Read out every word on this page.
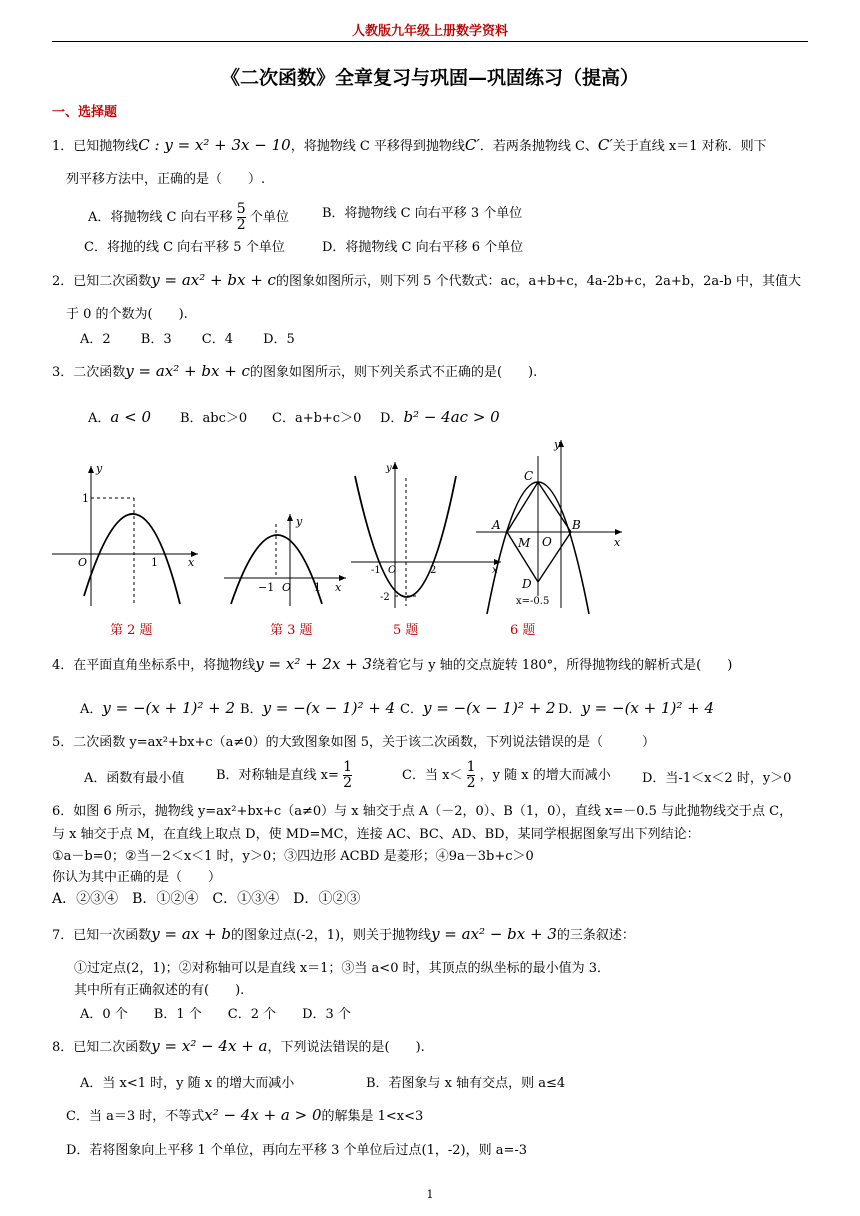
人教版九年级上册数学资料
《二次函数》全章复习与巩固—巩固练习（提高）
一、选择题
1．已知抛物线C : y = x² + 3x − 10，将抛物线 C 平移得到抛物线C′．若两条抛物线 C、C′关于直线 x＝1 对称．则下
列平移方法中，正确的是（　　）.
A．将抛物线 C 向右平移 $\frac{5}{2}$ 个单位	B．将抛物线 C 向右平移 3 个单位
C．将抛的线 C 向右平移 5 个单位	D．将抛物线 C 向右平移 6 个单位
2．已知二次函数y = ax² + bx + c的图象如图所示，则下列 5 个代数式：ac，a+b+c，4a-2b+c，2a+b，2a-b 中，其值大
于 0 的个数为(　　).
A．2　　 B．3　　 C．4　　 D．5
3．二次函数y = ax² + bx + c的图象如图所示，则下列关系式不正确的是(　　).
A．a < 0 B．abc＞0 C．a+b+c＞0 D．b² − 4ac > 0
y
1
O	1	x
y
−1 O 1 x
y
-1 O	2
-2
x
y
C
A	B
M O
D
x
x=-0.5
第 2 题	第 3 题	5 题	6 题
4．在平面直角坐标系中，将抛物线y = x² + 2x + 3绕着它与 y 轴的交点旋转 180°，所得抛物线的解析式是(　　)
A．y = −(x + 1)² + 2 B．y = −(x − 1)² + 4 C．y = −(x − 1)² + 2 D．y = −(x + 1)² + 4
5．二次函数 y=ax²+bx+c（a≠0）的大致图象如图 5，关于该二次函数，下列说法错误的是（　　　）
A．函数有最小值 B．对称轴是直线 $x= \frac{1}{2}$	C．当 $x< \frac{1}{2}$ ，y 随 x 的增大而减小 D．当-1＜x＜2 时，y＞0
6．如图 6 所示，抛物线 y=ax²+bx+c（a≠0）与 x 轴交于点 A（－2，0）、B（1，0），直线 x=－0.5 与此抛物线交于点 C，
与 x 轴交于点 M，在直线上取点 D，使 MD=MC，连接 AC、BC、AD、BD，某同学根据图象写出下列结论：
①a－b=0；②当－2＜x＜1 时，y＞0；③四边形 ACBD 是菱形；④9a－3b+c＞0
你认为其中正确的是（　　）
A．②③④　B．①②④　C．①③④　D．①②③
7．已知一次函数y = ax + b的图象过点(-2，1)，则关于抛物线y = ax² − bx + 3的三条叙述：
①过定点(2，1)；②对称轴可以是直线 x＝1；③当 a<0 时，其顶点的纵坐标的最小值为 3．
其中所有正确叙述的有(　　).
A．0 个　　B．1 个　　C．2 个　　D．3 个
8．已知二次函数y = x² − 4x + a，下列说法错误的是(　　).
A．当 x<1 时，y 随 x 的增大而减小	B．若图象与 x 轴有交点，则 a≤4
C．当 a＝3 时，不等式x² − 4x + a > 0的解集是 1<x<3
D．若将图象向上平移 1 个单位，再向左平移 3 个单位后过点(1，-2)，则 a=-3
1
